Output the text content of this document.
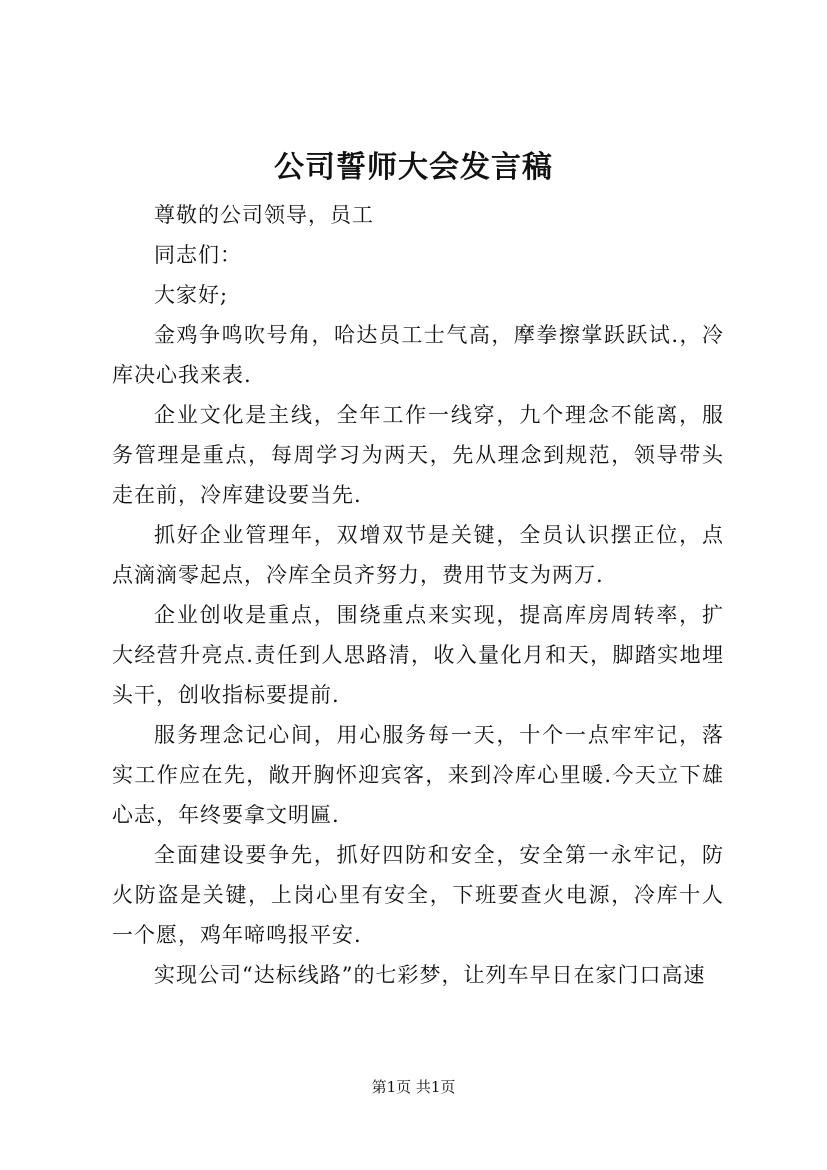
公司誓师大会发言稿

尊敬的公司领导，员工

同志们：

大家好;

金鸡争鸣吹号角，哈达员工士气高，摩拳擦掌跃跃试.，冷库决心我来表.

企业文化是主线，全年工作一线穿，九个理念不能离，服务管理是重点，每周学习为两天，先从理念到规范，领导带头走在前，冷库建设要当先.

抓好企业管理年，双增双节是关键，全员认识摆正位，点点滴滴零起点，冷库全员齐努力，费用节支为两万.

企业创收是重点，围绕重点来实现，提高库房周转率，扩大经营升亮点.责任到人思路清，收入量化月和天，脚踏实地埋头干，创收指标要提前.

服务理念记心间，用心服务每一天，十个一点牢牢记，落实工作应在先，敞开胸怀迎宾客，来到冷库心里暖.今天立下雄心志，年终要拿文明匾.

全面建设要争先，抓好四防和安全，安全第一永牢记，防火防盗是关键，上岗心里有安全，下班要查火电源，冷库十人一个愿，鸡年啼鸣报平安.

实现公司“达标线路”的七彩梦，让列车早日在家门口高速

第1页 共1页
